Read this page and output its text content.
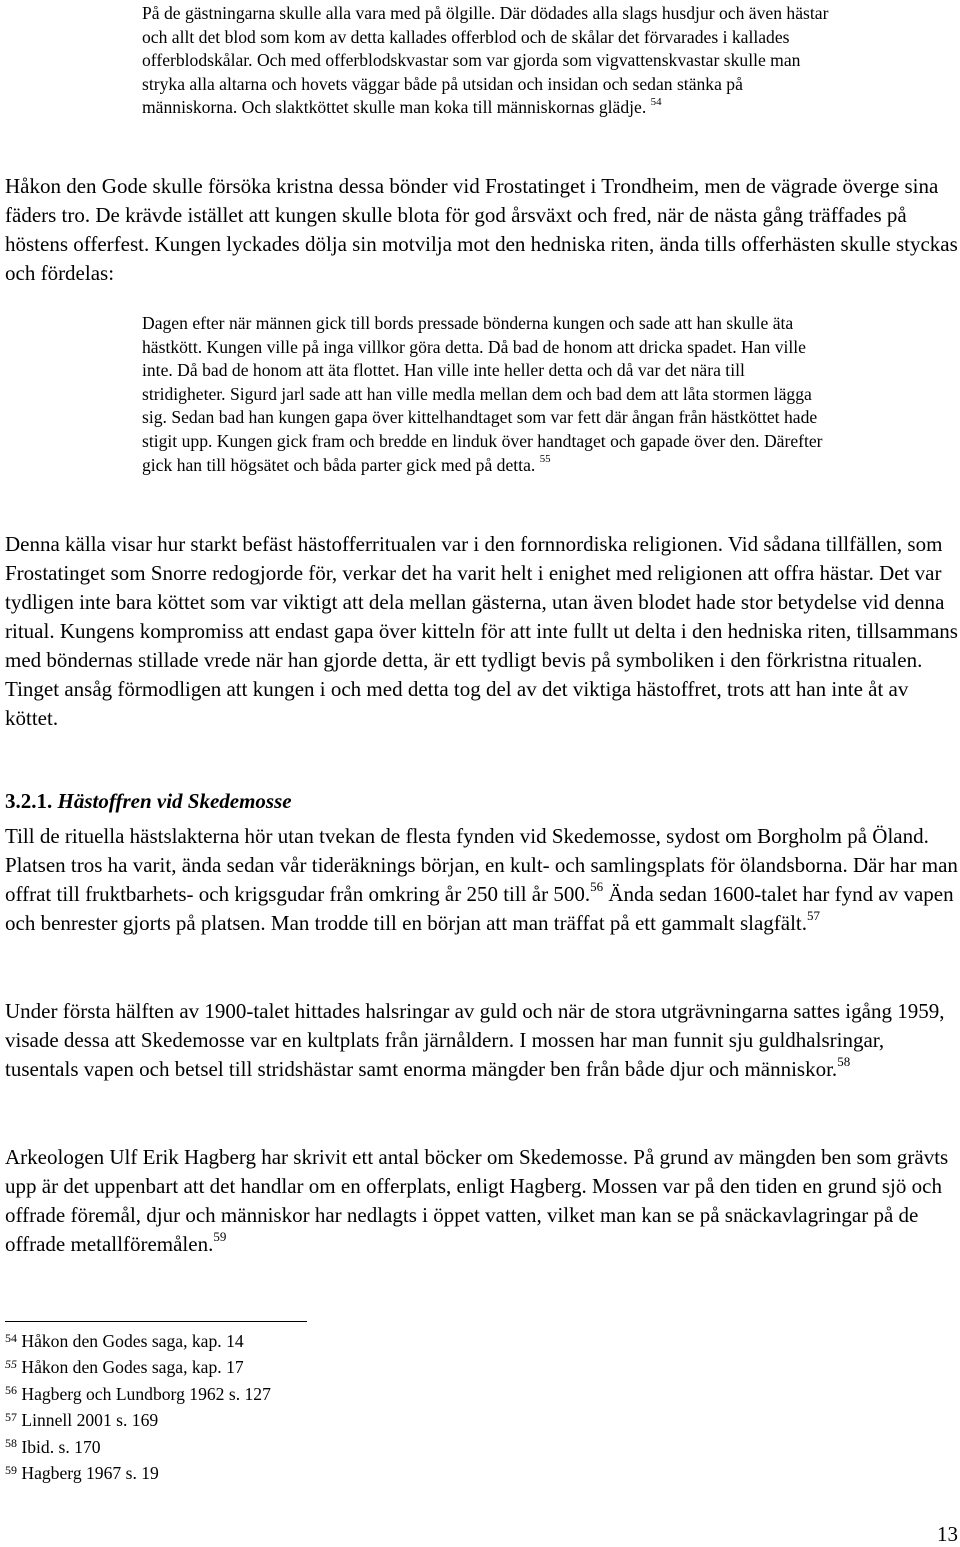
På de gästningarna skulle alla vara med på ölgille. Där dödades alla slags husdjur och även hästar och allt det blod som kom av detta kallades offerblod och de skålar det förvarades i kallades offerblodskålar. Och med offerblodskvastar som var gjorda som vigvattenskvastar skulle man stryka alla altarna och hovets väggar både på utsidan och insidan och sedan stänka på människorna. Och slaktköttet skulle man koka till människornas glädje. $^{54}$

Håkon den Gode skulle försöka kristna dessa bönder vid Frostatinget i Trondheim, men de vägrade överge sina fäders tro. De krävde istället att kungen skulle blota för god årsväxt och fred, när de nästa gång träffades på höstens offerfest. Kungen lyckades dölja sin motvilja mot den hedniska riten, ända tills offerhästen skulle styckas och fördelas:

Dagen efter när männen gick till bords pressade bönderna kungen och sade att han skulle äta hästkött. Kungen ville på inga villkor göra detta. Då bad de honom att dricka spadet. Han ville inte. Då bad de honom att äta flottet. Han ville inte heller detta och då var det nära till stridigheter. Sigurd jarl sade att han ville medla mellan dem och bad dem att låta stormen lägga sig. Sedan bad han kungen gapa över kittelhandtaget som var fett där ångan från hästköttet hade stigit upp. Kungen gick fram och bredde en linduk över handtaget och gapade över den. Därefter gick han till högsätet och båda parter gick med på detta. $^{55}$

Denna källa visar hur starkt befäst hästofferritualen var i den fornnordiska religionen. Vid sådana tillfällen, som Frostatinget som Snorre redogjorde för, verkar det ha varit helt i enighet med religionen att offra hästar. Det var tydligen inte bara köttet som var viktigt att dela mellan gästerna, utan även blodet hade stor betydelse vid denna ritual. Kungens kompromiss att endast gapa över kitteln för att inte fullt ut delta i den hedniska riten, tillsammans med böndernas stillade vrede när han gjorde detta, är ett tydligt bevis på symboliken i den förkristna ritualen. Tinget ansåg förmodligen att kungen i och med detta tog del av det viktiga hästoffret, trots att han inte åt av köttet.

3.2.1. Hästoffren vid Skedemosse

Till de rituella hästslakterna hör utan tvekan de flesta fynden vid Skedemosse, sydost om Borgholm på Öland. Platsen tros ha varit, ända sedan vår tideräknings början, en kult- och samlingsplats för ölandsborna. Där har man offrat till fruktbarhets- och krigsgudar från omkring år 250 till år 500.56 Ända sedan 1600-talet har fynd av vapen och benrester gjorts på platsen. Man trodde till en början att man träffat på ett gammalt slagfält.$^{57}$

Under första hälften av 1900-talet hittades halsringar av guld och när de stora utgrävningarna sattes igång 1959, visade dessa att Skedemosse var en kultplats från järnåldern. I mossen har man funnit sju guldhalsringar, tusentals vapen och betsel till stridshästar samt enorma mängder ben från både djur och människor.$^{58}$

Arkeologen Ulf Erik Hagberg har skrivit ett antal böcker om Skedemosse. På grund av mängden ben som grävts upp är det uppenbart att det handlar om en offerplats, enligt Hagberg. Mossen var på den tiden en grund sjö och offrade föremål, djur och människor har nedlagts i öppet vatten, vilket man kan se på snäckavlagringar på de offrade metallföremålen.$^{59}$

$^{54}$ Håkon den Godes saga, kap. 14
$^{55}$ Håkon den Godes saga, kap. 17
$^{56}$ Hagberg och Lundborg 1962 s. 127
$^{57}$ Linnell 2001 s. 169
$^{58}$ Ibid. s. 170
$^{59}$ Hagberg 1967 s. 19
13
